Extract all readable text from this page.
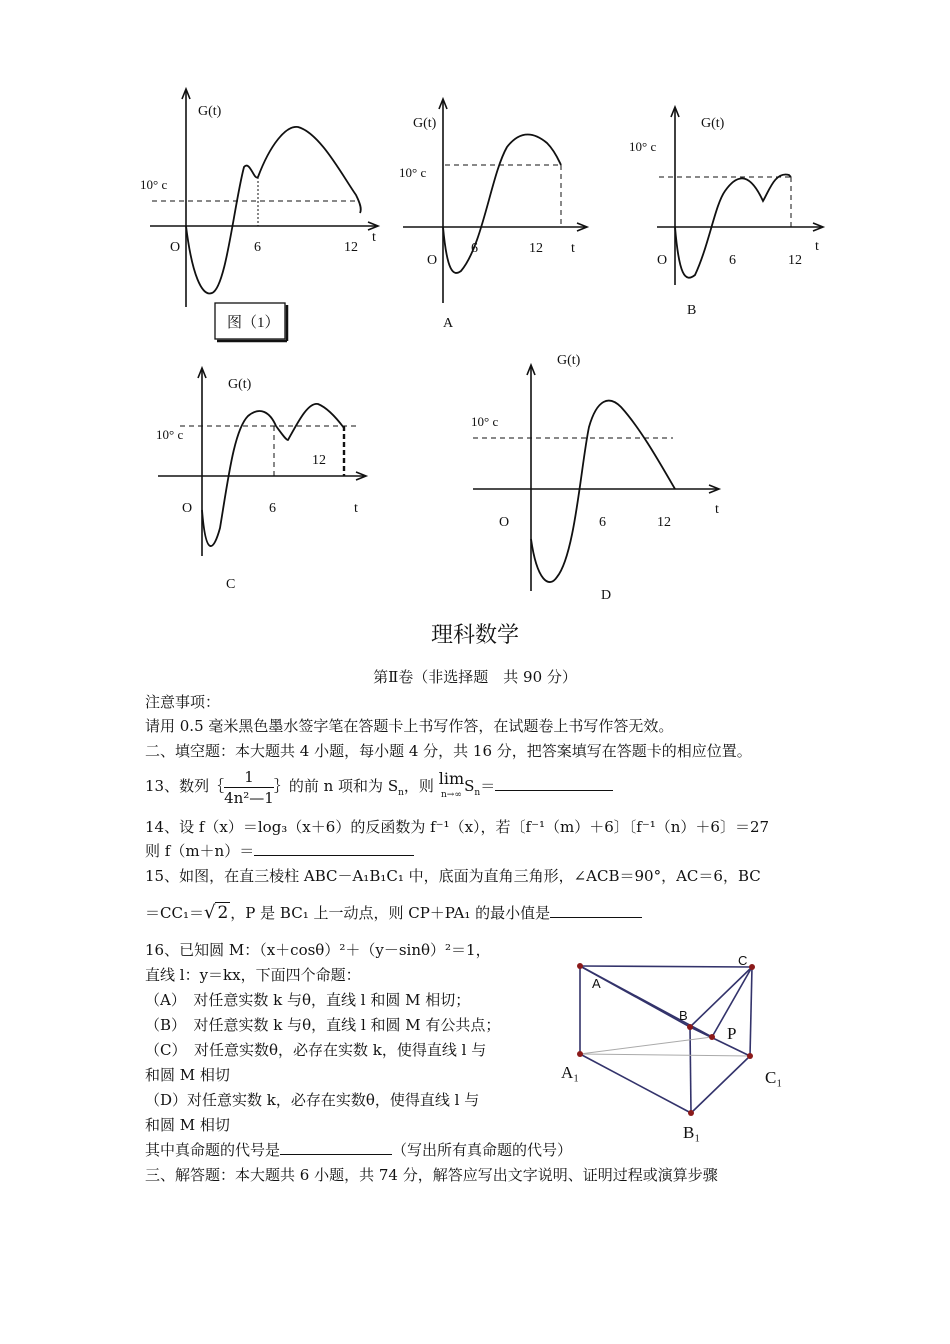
G(t)
10° c
O	6	12
t
图（1）
G(t)
10° c
O
6	12 t
A
G(t)
10° c
O	6	12
t
B
G(t)
10° c
O	6
12
t
C
G(t)
10° c
O	6	12
t
D
理科数学
第Ⅱ卷（非选择题　共 90 分）
注意事项：
请用 0.5 毫米黑色墨水签字笔在答题卡上书写作答，在试题卷上书写作答无效。
二、填空题：本大题共 4 小题，每小题 4 分，共 16 分，把答案填写在答题卡的相应位置。
13、数列｛ $\frac{1}{\text{4n²—1}}$ ｝的前 n 项和为 $S_n$，则 lim
n→∞ $S_n=$
14、设 f（x）＝log₃（x＋6）的反函数为 f⁻¹（x），若〔f⁻¹（m）＋6〕〔f⁻¹（n）＋6〕＝27
则 f（m＋n）＝
15、如图，在直三棱柱 ABC－A₁B₁C₁ 中，底面为直角三角形，∠ACB＝90°，AC＝6，BC
＝CC₁＝√ 2 ，P 是 BC₁ 上一动点，则 CP＋PA₁ 的最小值是
16、已知圆 M：（x＋cosθ）²＋（y－sinθ）²＝1，
直线 l：y＝kx，下面四个命题：
（A）　对任意实数 k 与θ，直线 l 和圆 M 相切；
（B）　对任意实数 k 与θ，直线 l 和圆 M 有公共点；
（C）　对任意实数θ，必存在实数 k，使得直线 l 与
和圆 M 相切
（D）对任意实数 k，必存在实数θ，使得直线 l 与
和圆 M 相切
其中真命题的代号是	（写出所有真命题的代号）
三、解答题：本大题共 6 小题，共 74 分，解答应写出文字说明、证明过程或演算步骤
A
B
C
P
A₁	C₁
B₁
